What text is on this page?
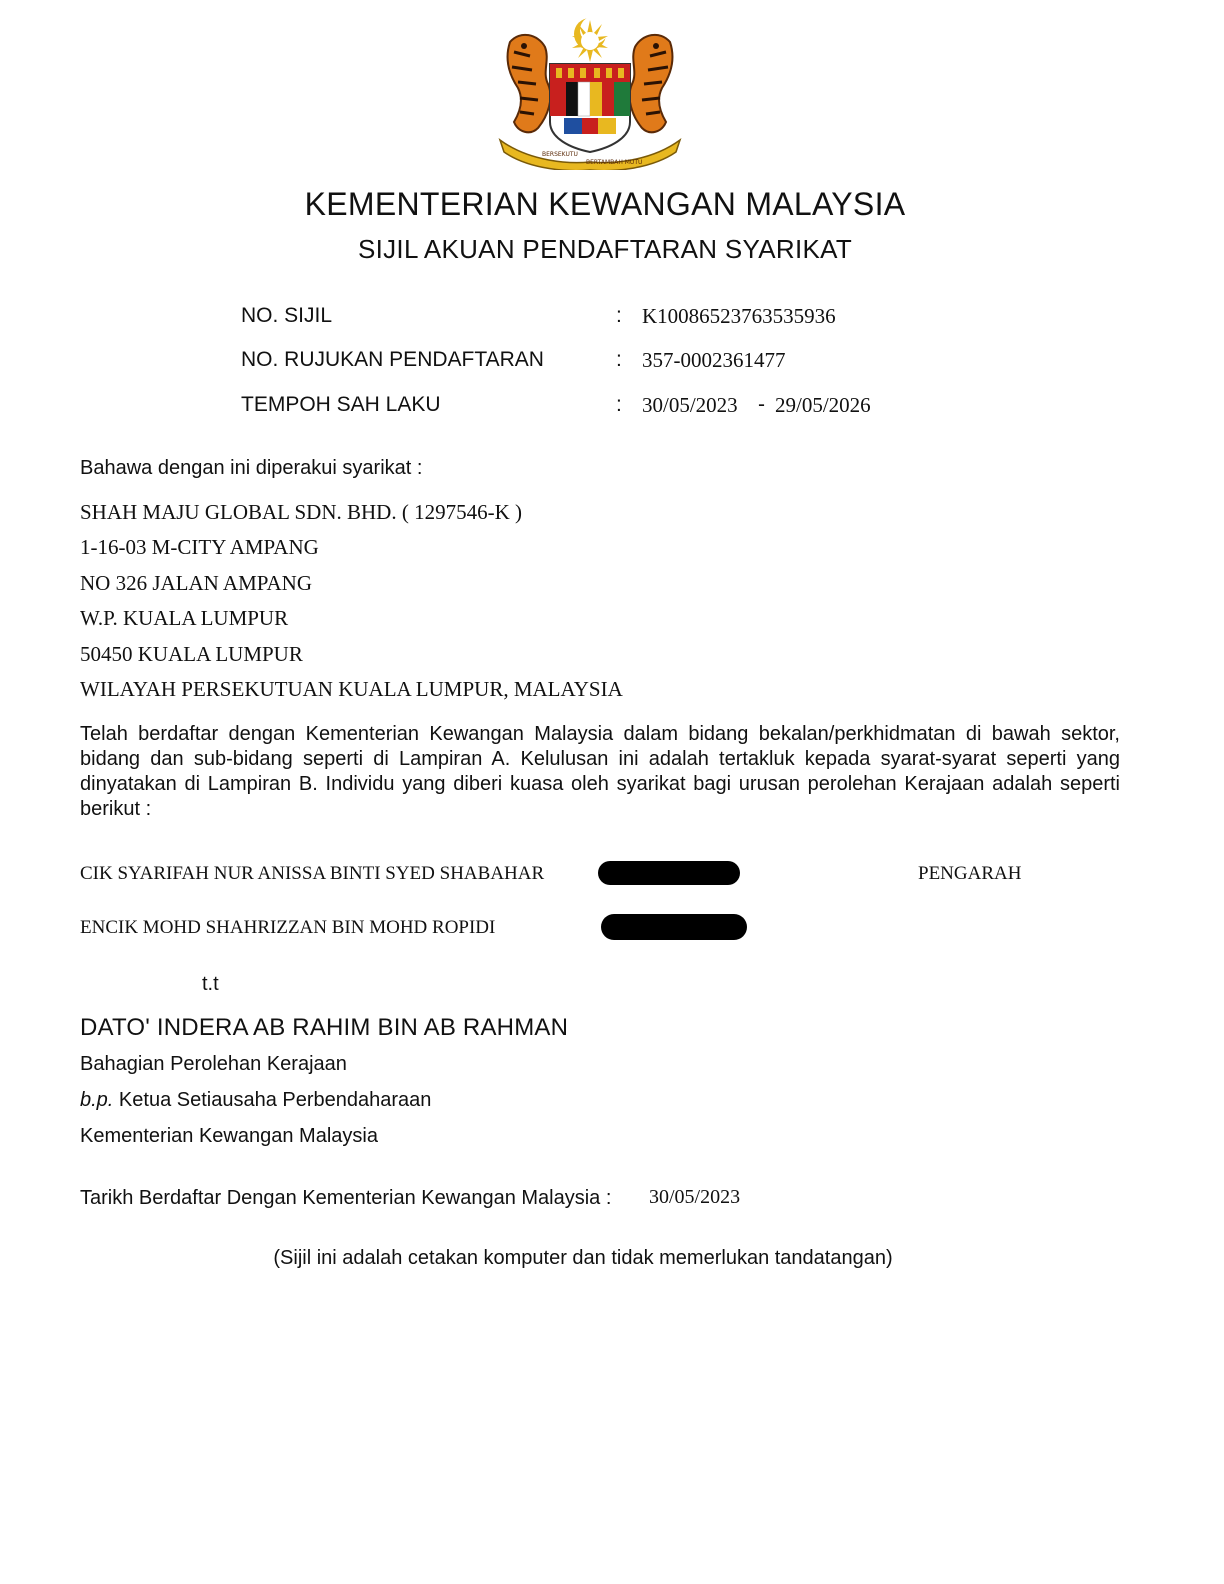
BERSEKUTU
BERTAMBAH MUTU
KEMENTERIAN KEWANGAN MALAYSIA
SIJIL AKUAN PENDAFTARAN SYARIKAT
NO. SIJIL	: K10086523763535936
NO. RUJUKAN PENDAFTARAN	: 357-0002361477
TEMPOH SAH LAKU	: 30/05/2023 - 29/05/2026
Bahawa dengan ini diperakui syarikat :
SHAH MAJU GLOBAL SDN. BHD. ( 1297546-K )
1-16-03 M-CITY AMPANG
NO 326 JALAN AMPANG
W.P. KUALA LUMPUR
50450 KUALA LUMPUR
WILAYAH PERSEKUTUAN KUALA LUMPUR, MALAYSIA
Telah berdaftar dengan Kementerian Kewangan Malaysia dalam bidang bekalan/perkhidmatan di bawah sektor, bidang dan sub-bidang seperti di Lampiran A. Kelulusan ini adalah tertakluk kepada syarat-syarat seperti yang dinyatakan di Lampiran B. Individu yang diberi kuasa oleh syarikat bagi urusan perolehan Kerajaan adalah seperti berikut :
CIK SYARIFAH NUR ANISSA BINTI SYED SHABAHAR	PENGARAH
ENCIK MOHD SHAHRIZZAN BIN MOHD ROPIDI
t.t
DATO' INDERA AB RAHIM BIN AB RAHMAN
Bahagian Perolehan Kerajaan
b.p. Ketua Setiausaha Perbendaharaan
Kementerian Kewangan Malaysia
Tarikh Berdaftar Dengan Kementerian Kewangan Malaysia : 30/05/2023
(Sijil ini adalah cetakan komputer dan tidak memerlukan tandatangan)
